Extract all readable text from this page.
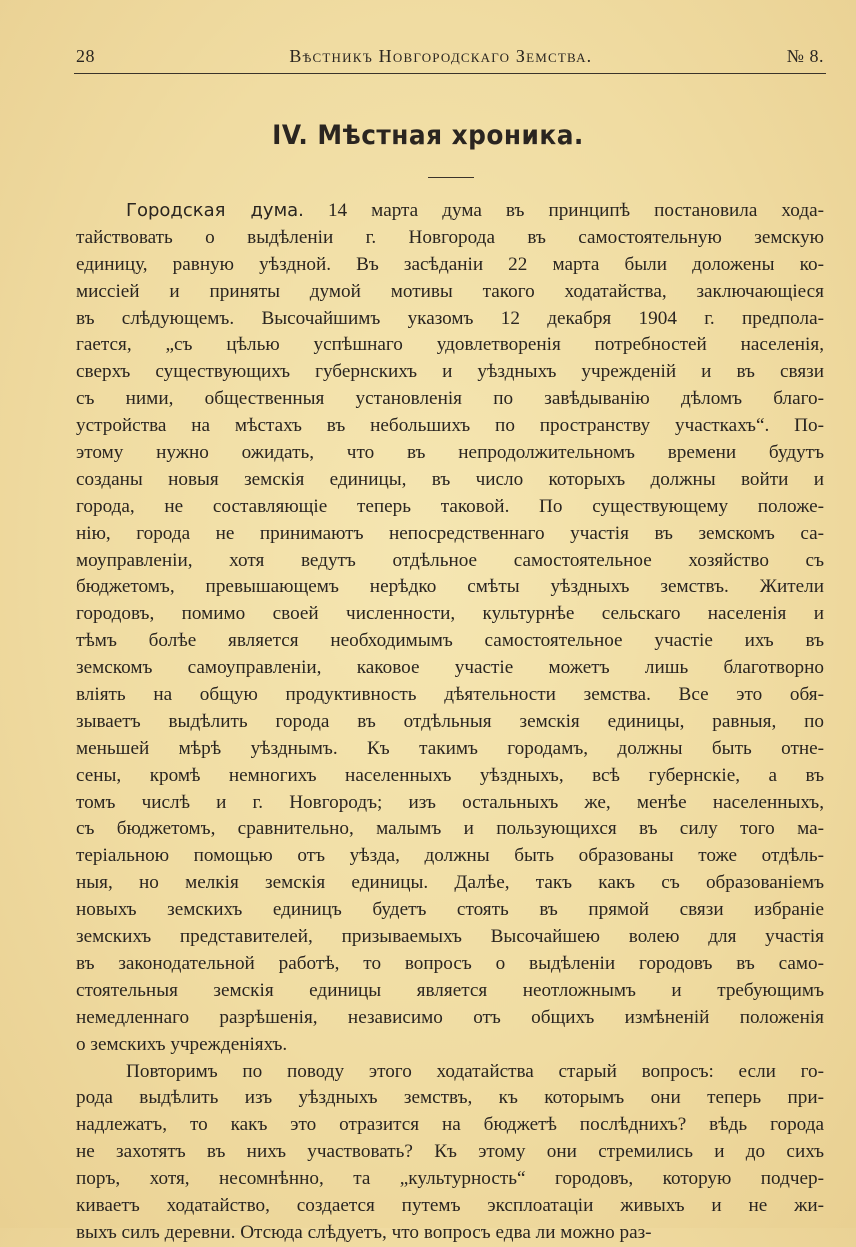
28	Вѣстникъ Новгородскаго Земства.	№ 8.
IV. Мѣстная хроника.
Городская дума. 14 марта дума въ принципѣ постановила хода-
тайствовать о выдѣленіи г. Новгорода въ самостоятельную земскую
единицу, равную уѣздной. Въ засѣданіи 22 марта были доложены ко-
миссіей и приняты думой мотивы такого ходатайства, заключающіеся
въ слѣдующемъ. Высочайшимъ указомъ 12 декабря 1904 г. предпола-
гается, „съ цѣлью успѣшнаго удовлетворенія потребностей населенія,
сверхъ существующихъ губернскихъ и уѣздныхъ учрежденій и въ связи
съ ними, общественныя установленія по завѣдыванію дѣломъ благо-
устройства на мѣстахъ въ небольшихъ по пространству участкахъ“. По-
этому нужно ожидать, что въ непродолжительномъ времени будутъ
созданы новыя земскія единицы, въ число которыхъ должны войти и
города, не составляющіе теперь таковой. По существующему положе-
нію, города не принимаютъ непосредственнаго участія въ земскомъ са-
моуправленіи, хотя ведутъ отдѣльное самостоятельное хозяйство съ
бюджетомъ, превышающемъ нерѣдко смѣты уѣздныхъ земствъ. Жители
городовъ, помимо своей численности, культурнѣе сельскаго населенія и
тѣмъ болѣе является необходимымъ самостоятельное участіе ихъ въ
земскомъ самоуправленіи, каковое участіе можетъ лишь благотворно
вліять на общую продуктивность дѣятельности земства. Все это обя-
зываетъ выдѣлить города въ отдѣльныя земскія единицы, равныя, по
меньшей мѣрѣ уѣзднымъ. Къ такимъ городамъ, должны быть отне-
сены, кромѣ немногихъ населенныхъ уѣздныхъ, всѣ губернскіе, а въ
томъ числѣ и г. Новгородъ; изъ остальныхъ же, менѣе населенныхъ,
съ бюджетомъ, сравнительно, малымъ и пользующихся въ силу того ма-
теріальною помощью отъ уѣзда, должны быть образованы тоже отдѣль-
ныя, но мелкія земскія единицы. Далѣе, такъ какъ съ образованіемъ
новыхъ земскихъ единицъ будетъ стоять въ прямой связи избраніе
земскихъ представителей, призываемыхъ Высочайшею волею для участія
въ законодательной работѣ, то вопросъ о выдѣленіи городовъ въ само-
стоятельныя земскія единицы является неотложнымъ и требующимъ
немедленнаго разрѣшенія, независимо отъ общихъ измѣненій положенія
о земскихъ учрежденіяхъ.
Повторимъ по поводу этого ходатайства старый вопросъ: если го-
рода выдѣлить изъ уѣздныхъ земствъ, къ которымъ они теперь при-
надлежатъ, то какъ это отразится на бюджетѣ послѣднихъ? вѣдь города
не захотятъ въ нихъ участвовать? Къ этому они стремились и до сихъ
поръ, хотя, несомнѣнно, та „культурность“ городовъ, которую подчер-
киваетъ ходатайство, создается путемъ эксплоатаціи живыхъ и не жи-
выхъ силъ деревни. Отсюда слѣдуетъ, что вопросъ едва ли можно раз-
